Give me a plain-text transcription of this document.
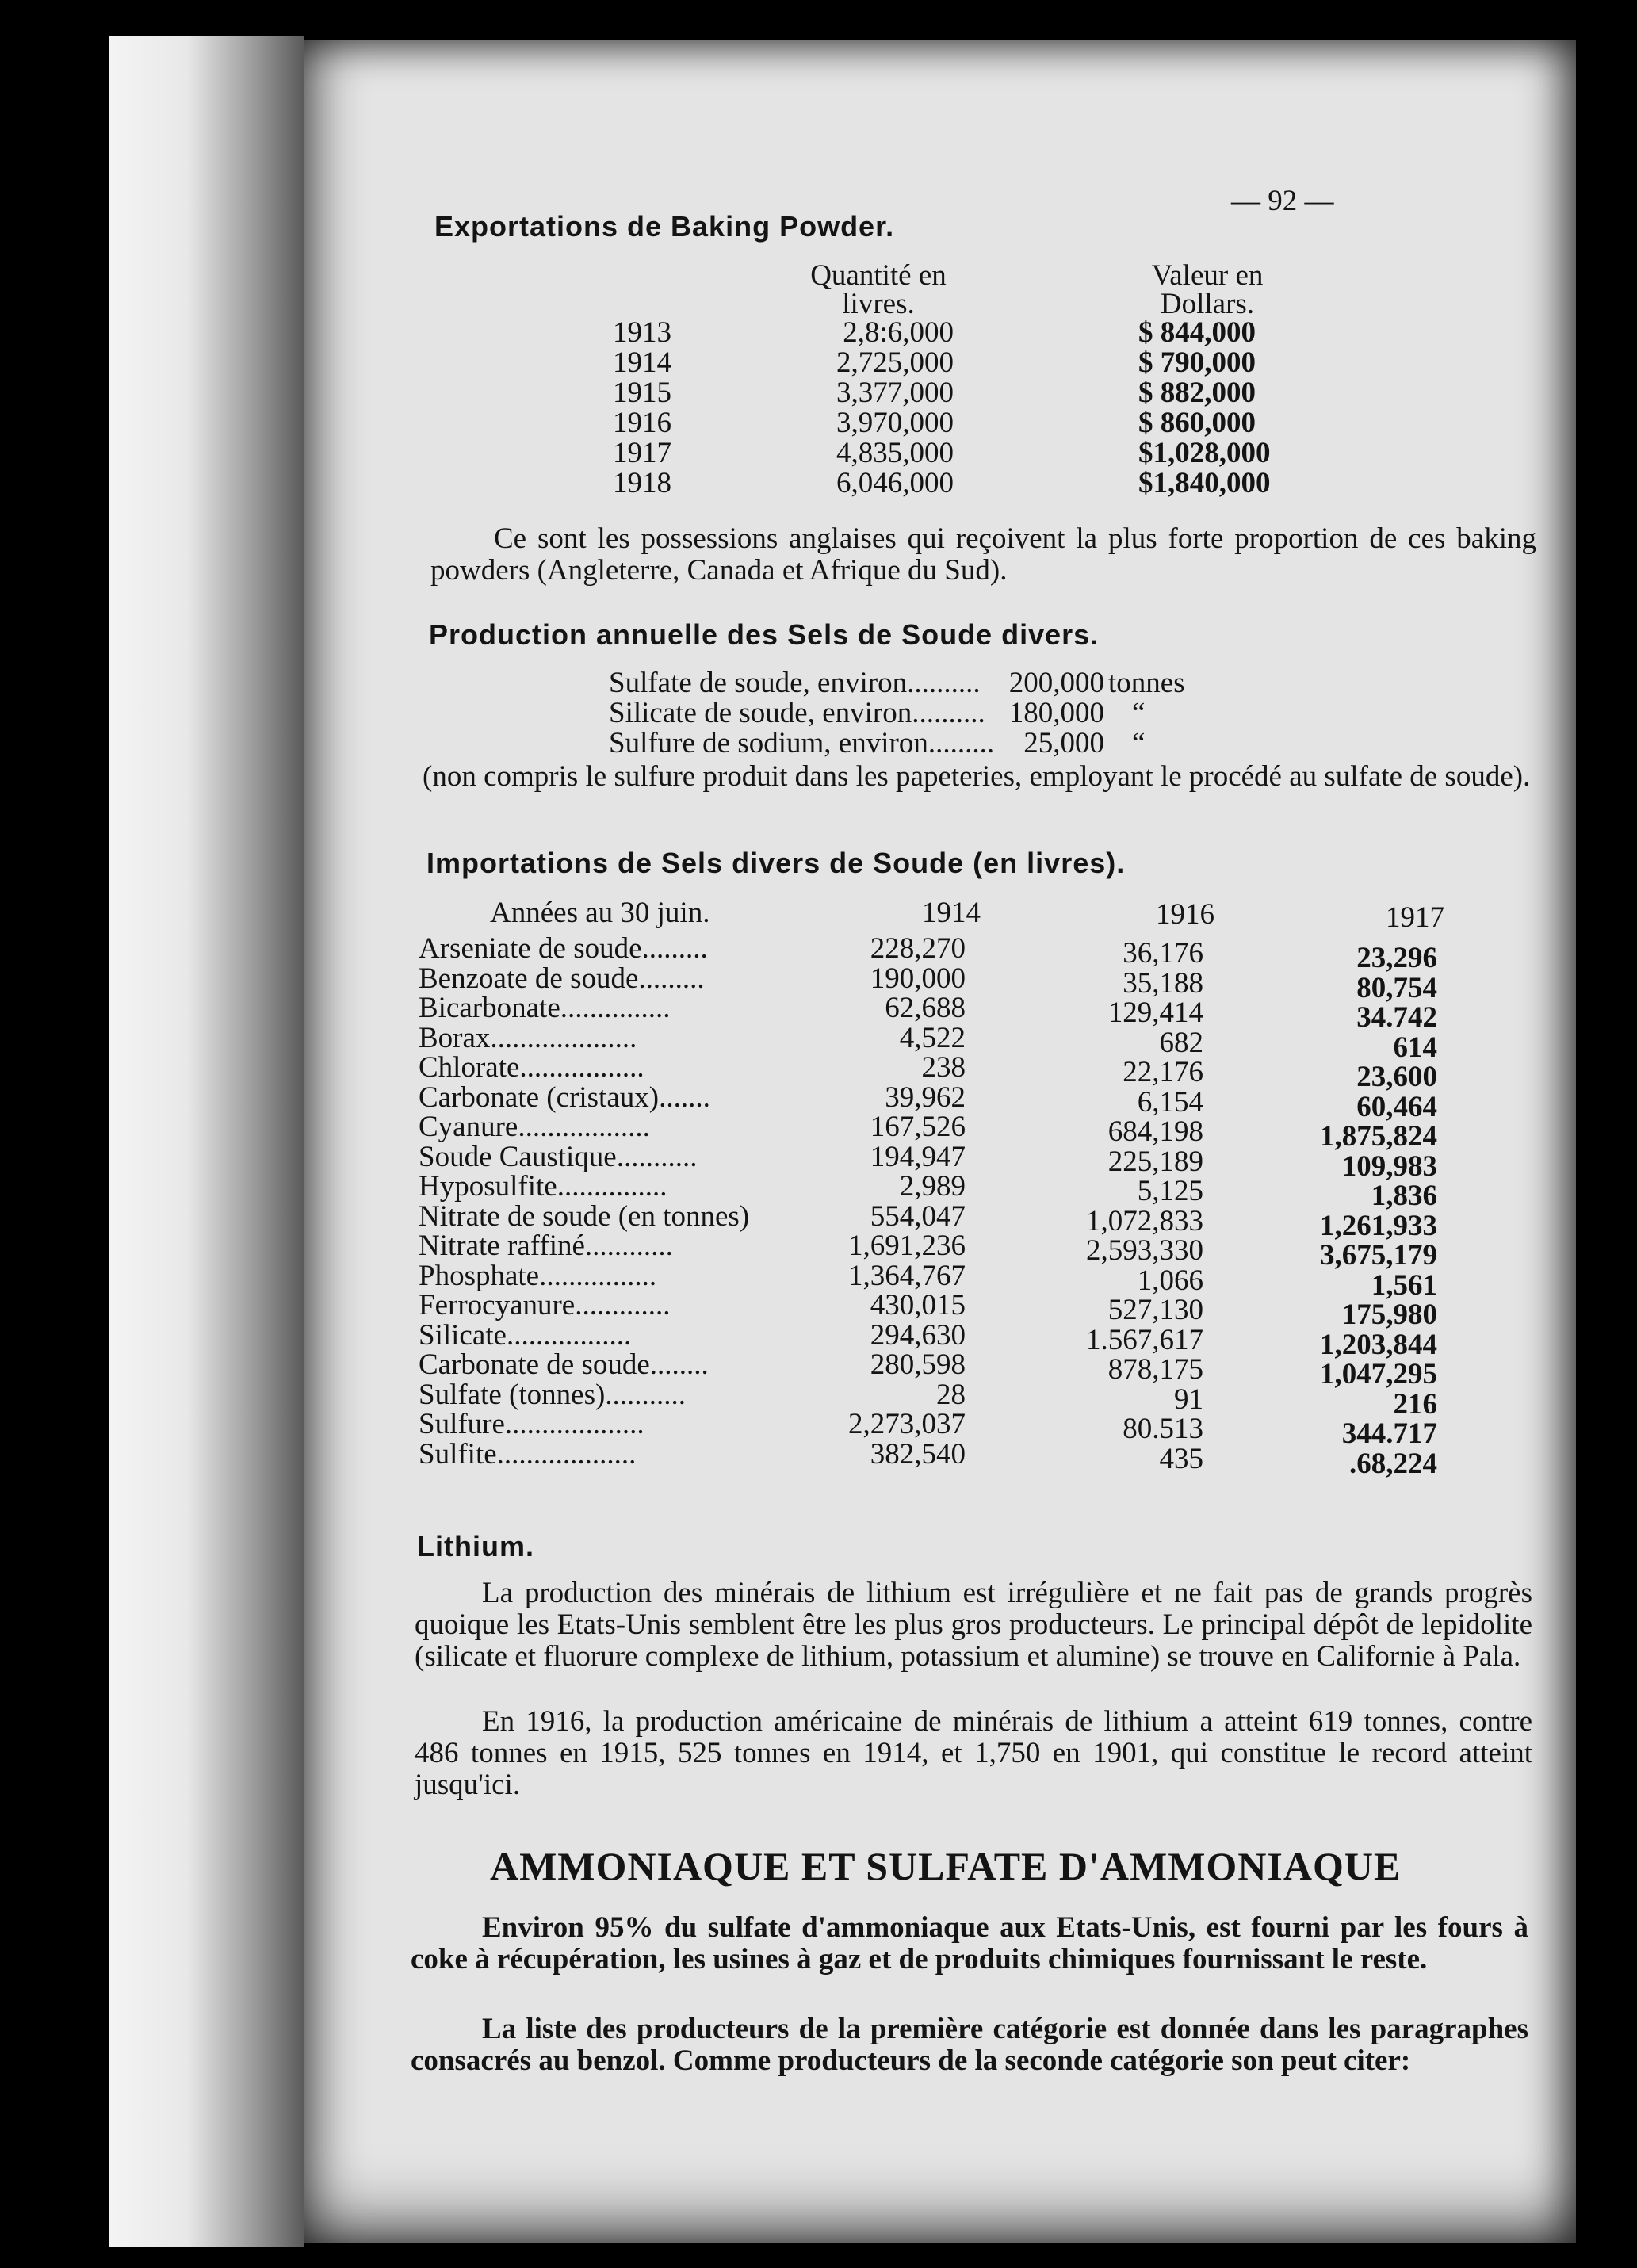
— 92 —
Exportations de Baking Powder.
Quantité en livres.
Valeur en Dollars.
1913	2,8:6,000	$ 844,000
1914	2,725,000	$ 790,000
1915	3,377,000	$ 882,000
1916	3,970,000	$ 860,000
1917	4,835,000	$1,028,000
1918	6,046,000	$1,840,000
Ce sont les possessions anglaises qui reçoivent la plus forte proportion de ces baking powders (Angleterre, Canada et Afrique du Sud).
Production annuelle des Sels de Soude divers.
Sulfate de soude, environ.......... 200,000 tonnes
Silicate de soude, environ.......... 180,000 “
Sulfure de sodium, environ.........	25,000 “
(non compris le sulfure produit dans les papeteries, employant le procédé au sulfate de soude).
Importations de Sels divers de Soude (en livres).
Années au 30 juin.	1914	1916	1917
Arseniate de soude.........	228,270	36,176	23,296
Benzoate de soude.........	190,000	35,188	80,754
Bicarbonate...............	62,688	129,414	34.742
Borax....................	4,522	682	614
Chlorate.................	238	22,176	23,600
Carbonate (cristaux).......	39,962	6,154	60,464
Cyanure..................	167,526	684,198	1,875,824
Soude Caustique...........	194,947	225,189	109,983
Hyposulfite...............	2,989	5,125	1,836
Nitrate de soude (en tonnes)	554,047	1,072,833	1,261,933
Nitrate raffiné............	1,691,236	2,593,330	3,675,179
Phosphate................	1,364,767	1,066	1,561
Ferrocyanure.............	430,015	527,130	175,980
Silicate.................	294,630	1.567,617	1,203,844
Carbonate de soude........	280,598	878,175	1,047,295
Sulfate (tonnes)...........	28	91	216
Sulfure...................	2,273,037	80.513	344.717
Sulfite...................	382,540	435	.68,224
Lithium.
La production des minérais de lithium est irrégulière et ne fait pas de grands progrès quoique les Etats-Unis semblent être les plus gros producteurs. Le principal dépôt de lepidolite (silicate et fluorure complexe de lithium, potassium et alumine) se trouve en Californie à Pala.
En 1916, la production américaine de minérais de lithium a atteint 619 tonnes, contre 486 tonnes en 1915, 525 tonnes en 1914, et 1,750 en 1901, qui constitue le record atteint jusqu'ici.
AMMONIAQUE ET SULFATE D'AMMONIAQUE
Environ 95% du sulfate d'ammoniaque aux Etats-Unis, est fourni par les fours à coke à récupération, les usines à gaz et de produits chimiques fournissant le reste.
La liste des producteurs de la première catégorie est donnée dans les paragraphes consacrés au benzol. Comme producteurs de la seconde catégorie son peut citer:
